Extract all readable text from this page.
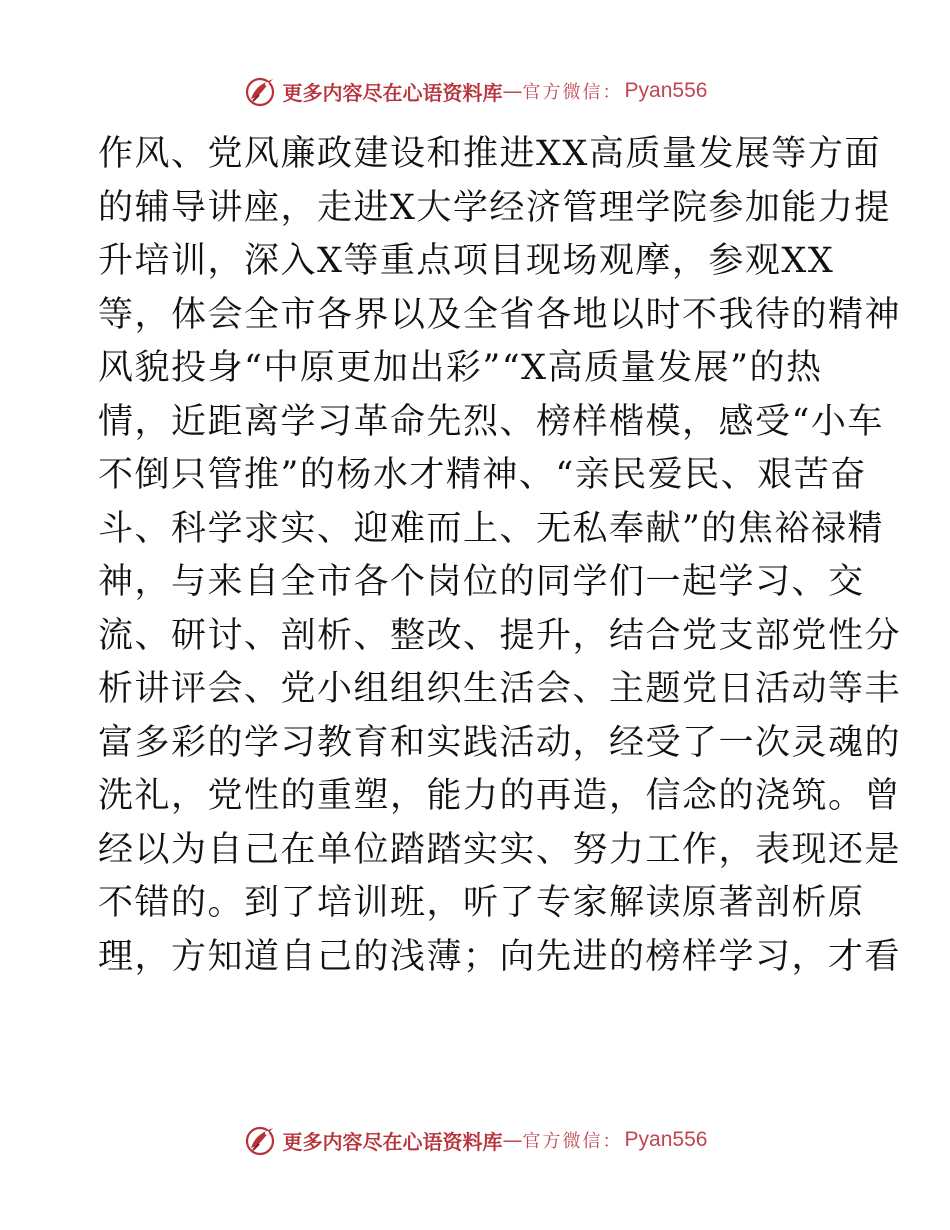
更多内容尽在心语资料库 — 官方微信： Pyan556
作风、党风廉政建设和推进XX高质量发展等方面
的辅导讲座，走进X大学经济管理学院参加能力提
升培训，深入X等重点项目现场观摩，参观XX
等，体会全市各界以及全省各地以时不我待的精神
风貌投身“中原更加出彩”“X高质量发展”的热
情，近距离学习革命先烈、榜样楷模，感受“小车
不倒只管推”的杨水才精神、“亲民爱民、艰苦奋
斗、科学求实、迎难而上、无私奉献”的焦裕禄精
神，与来自全市各个岗位的同学们一起学习、交
流、研讨、剖析、整改、提升，结合党支部党性分
析讲评会、党小组组织生活会、主题党日活动等丰
富多彩的学习教育和实践活动，经受了一次灵魂的
洗礼，党性的重塑，能力的再造，信念的浇筑。曾
经以为自己在单位踏踏实实、努力工作，表现还是
不错的。到了培训班，听了专家解读原著剖析原
理，方知道自己的浅薄；向先进的榜样学习，才看
更多内容尽在心语资料库 — 官方微信： Pyan556
